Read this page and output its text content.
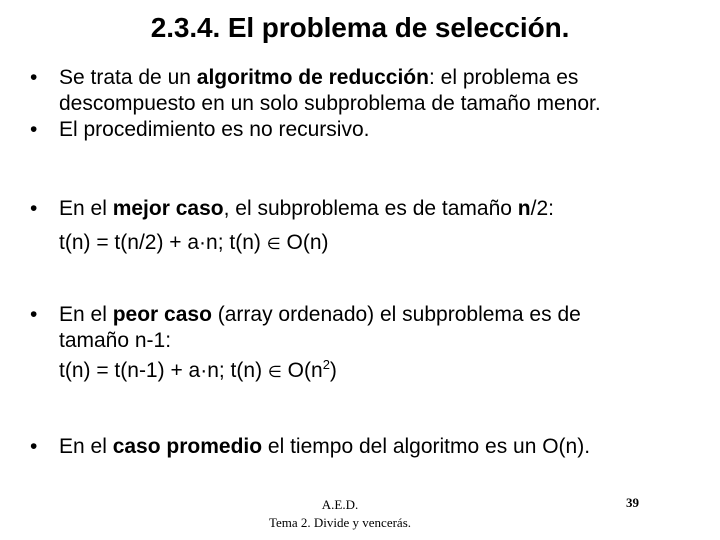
2.3.4. El problema de selección.
• Se trata de un algoritmo de reducción: el problema es
descompuesto en un solo subproblema de tamaño menor.
• El procedimiento es no recursivo.
• En el mejor caso, el subproblema es de tamaño n/2:
t(n) = t(n/2) + a·n; t(n) ∈ O(n)
• En el peor caso (array ordenado) el subproblema es de
tamaño n-1:
t(n) = t(n-1) + a·n; t(n) ∈ $O(n^2)$
• En el caso promedio el tiempo del algoritmo es un O(n).
A.E.D.
Tema 2. Divide y vencerás.
39
